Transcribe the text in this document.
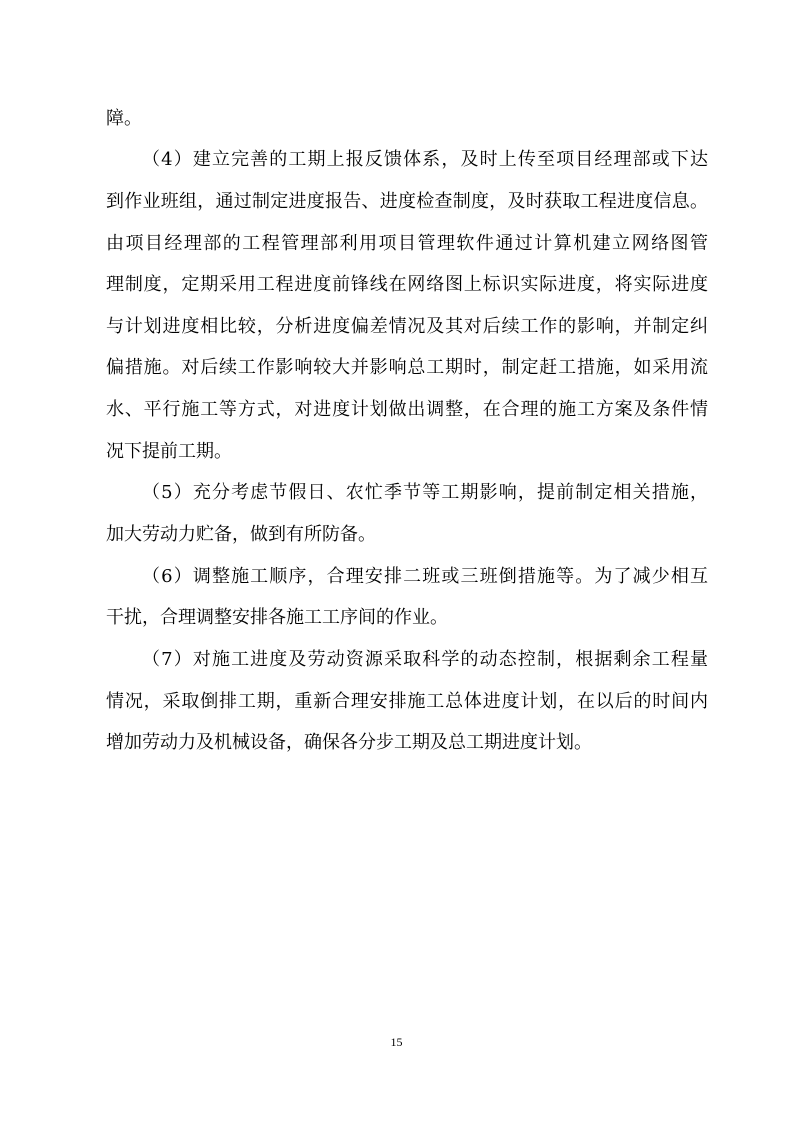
障。
（4）建立完善的工期上报反馈体系，及时上传至项目经理部或下达
到作业班组，通过制定进度报告、进度检查制度，及时获取工程进度信息。
由项目经理部的工程管理部利用项目管理软件通过计算机建立网络图管
理制度，定期采用工程进度前锋线在网络图上标识实际进度，将实际进度
与计划进度相比较，分析进度偏差情况及其对后续工作的影响，并制定纠
偏措施。对后续工作影响较大并影响总工期时，制定赶工措施，如采用流
水、平行施工等方式，对进度计划做出调整，在合理的施工方案及条件情
况下提前工期。
（5）充分考虑节假日、农忙季节等工期影响，提前制定相关措施，
加大劳动力贮备，做到有所防备。
（6）调整施工顺序，合理安排二班或三班倒措施等。为了减少相互
干扰，合理调整安排各施工工序间的作业。
（7）对施工进度及劳动资源采取科学的动态控制，根据剩余工程量
情况，采取倒排工期，重新合理安排施工总体进度计划，在以后的时间内
增加劳动力及机械设备，确保各分步工期及总工期进度计划。
15
